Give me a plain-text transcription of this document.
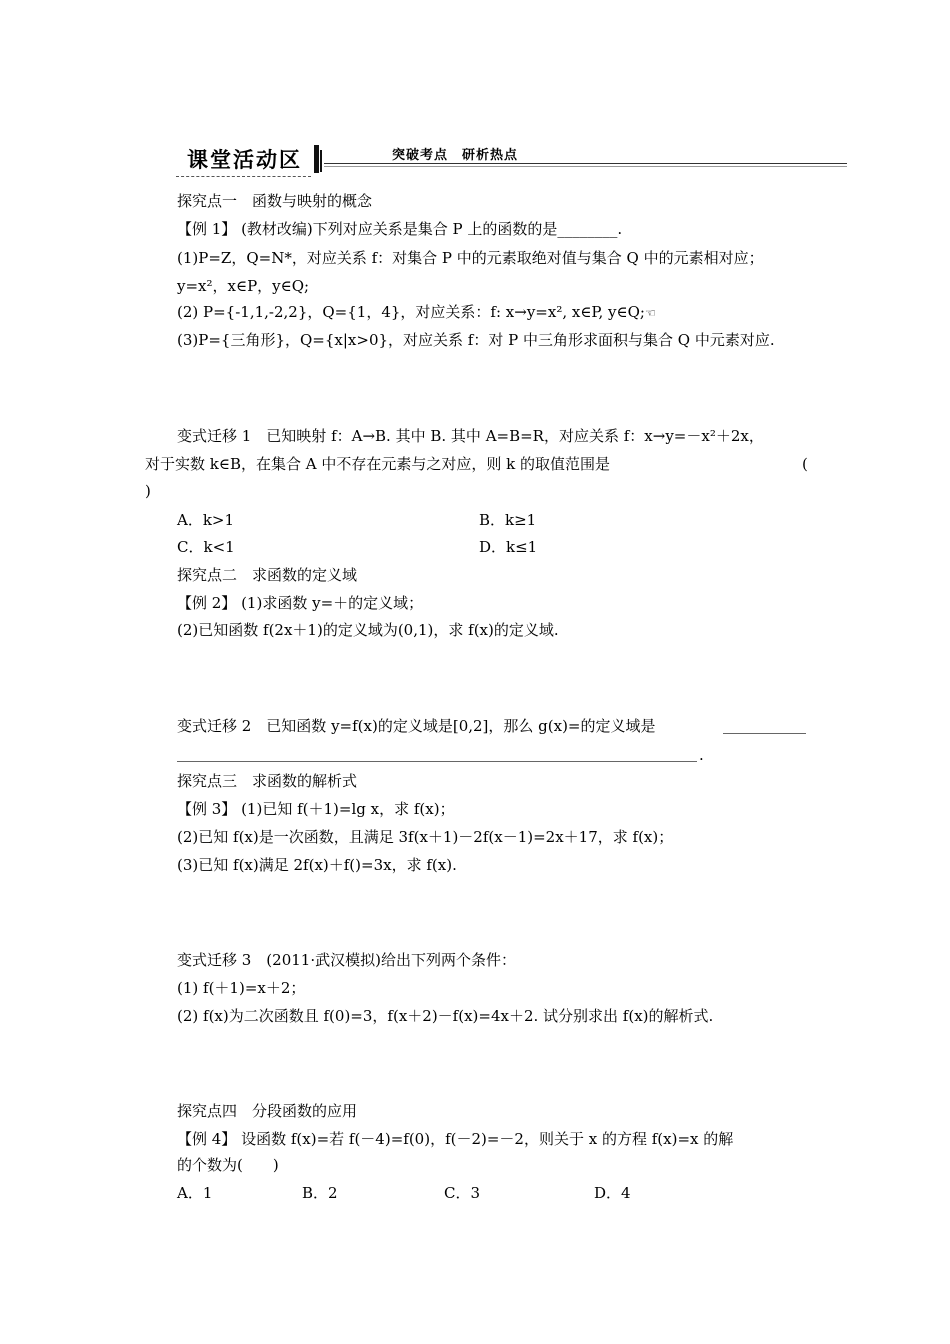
课堂活动区	突破考点　研析热点
探究点一　函数与映射的概念
【例 1】 (教材改编)下列对应关系是集合 P 上的函数的是________.
(1)P=Z，Q=N*，对应关系 f：对集合 P 中的元素取绝对值与集合 Q 中的元素相对应；
y=x²，x∈P，y∈Q;
(2) P={-1,1,-2,2}，Q={1，4}，对应关系：f: x→y=x², x∈P, y∈Q;☜
(3)P={三角形}，Q={x|x>0}，对应关系 f：对 P 中三角形求面积与集合 Q 中元素对应.
变式迁移 1　已知映射 f：A→B. 其中 B. 其中 A=B=R，对应关系 f：x→y=－x²＋2x，
对于实数 k∈B，在集合 A 中不存在元素与之对应，则 k 的取值范围是	(
)
A．k>1	B．k≥1
C．k<1	D．k≤1
探究点二　求函数的定义域
【例 2】 (1)求函数 y=＋的定义域；
(2)已知函数 f(2x＋1)的定义域为(0,1)，求 f(x)的定义域.
变式迁移 2　已知函数 y=f(x)的定义域是[0,2]，那么 g(x)=的定义域是
.
探究点三　求函数的解析式
【例 3】 (1)已知 f(＋1)=lg x，求 f(x)；
(2)已知 f(x)是一次函数，且满足 3f(x＋1)－2f(x－1)=2x＋17，求 f(x)；
(3)已知 f(x)满足 2f(x)＋f()=3x，求 f(x).
变式迁移 3　(2011·武汉模拟)给出下列两个条件：
(1) f(＋1)=x＋2；
(2) f(x)为二次函数且 f(0)=3，f(x＋2)－f(x)=4x＋2. 试分别求出 f(x)的解析式.
探究点四　分段函数的应用
【例 4】 设函数 f(x)=若 f(－4)=f(0)，f(－2)=－2，则关于 x 的方程 f(x)=x 的解
的个数为(　　)
A．1	B．2	C．3	D．4
